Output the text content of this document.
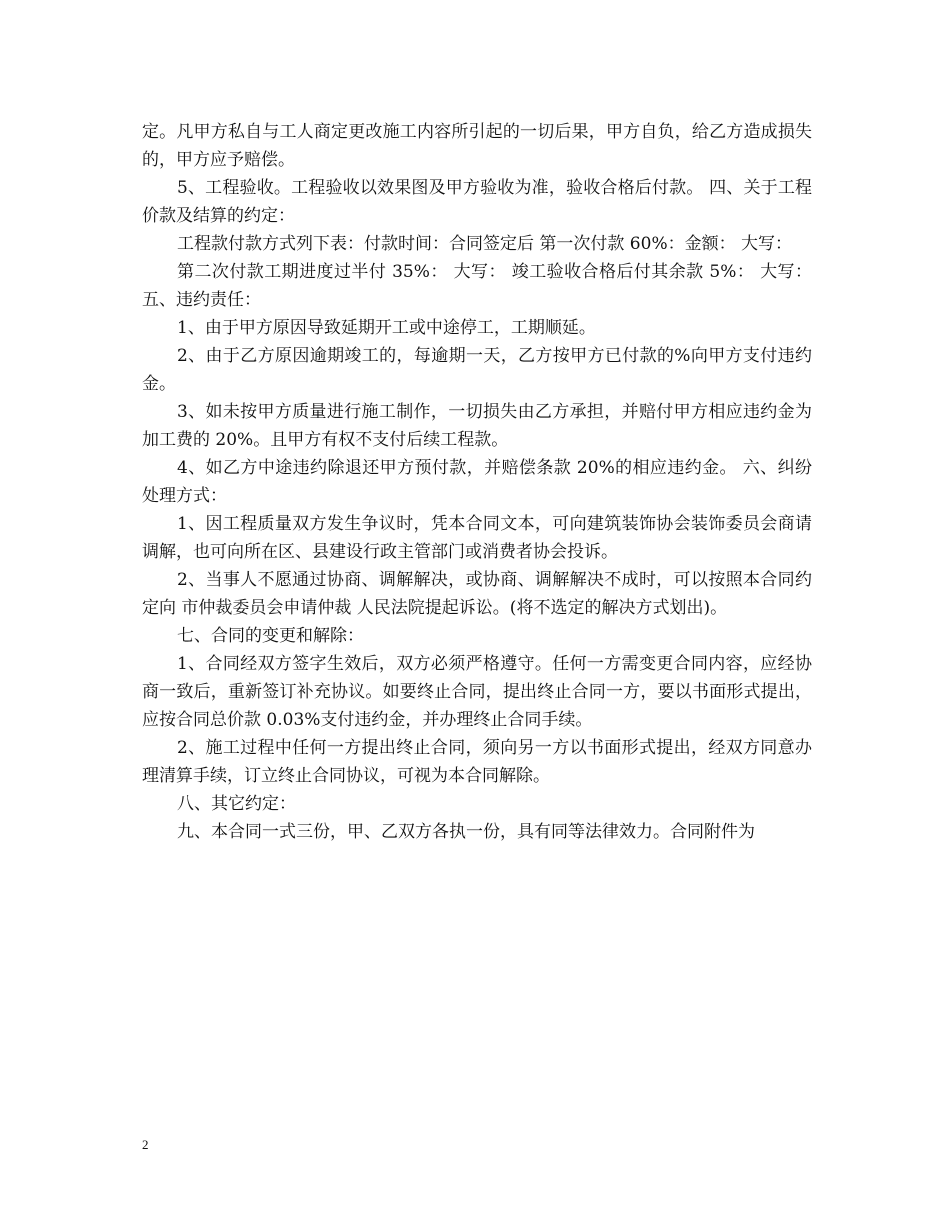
定。凡甲方私自与工人商定更改施工内容所引起的一切后果，甲方自负，给乙方造成损失的，甲方应予赔偿。

5、工程验收。工程验收以效果图及甲方验收为准，验收合格后付款。 四、关于工程价款及结算的约定：

工程款付款方式列下表：付款时间：合同签定后 第一次付款 60%：金额： 大写：

第二次付款工期进度过半付 35%： 大写： 竣工验收合格后付其余款 5%： 大写： 五、违约责任：

1、由于甲方原因导致延期开工或中途停工，工期顺延。

2、由于乙方原因逾期竣工的，每逾期一天，乙方按甲方已付款的%向甲方支付违约金。

3、如未按甲方质量进行施工制作，一切损失由乙方承担，并赔付甲方相应违约金为加工费的 20%。且甲方有权不支付后续工程款。

4、如乙方中途违约除退还甲方预付款，并赔偿条款 20%的相应违约金。 六、纠纷处理方式：

1、因工程质量双方发生争议时，凭本合同文本，可向建筑装饰协会装饰委员会商请调解，也可向所在区、县建设行政主管部门或消费者协会投诉。

2、当事人不愿通过协商、调解解决，或协商、调解解决不成时，可以按照本合同约定向 市仲裁委员会申请仲裁 人民法院提起诉讼。(将不选定的解决方式划出)。

七、合同的变更和解除：

1、合同经双方签字生效后，双方必须严格遵守。任何一方需变更合同内容，应经协商一致后，重新签订补充协议。如要终止合同，提出终止合同一方，要以书面形式提出，应按合同总价款 0.03%支付违约金，并办理终止合同手续。

2、施工过程中任何一方提出终止合同，须向另一方以书面形式提出，经双方同意办理清算手续，订立终止合同协议，可视为本合同解除。

八、其它约定：

九、本合同一式三份，甲、乙双方各执一份，具有同等法律效力。合同附件为

2
